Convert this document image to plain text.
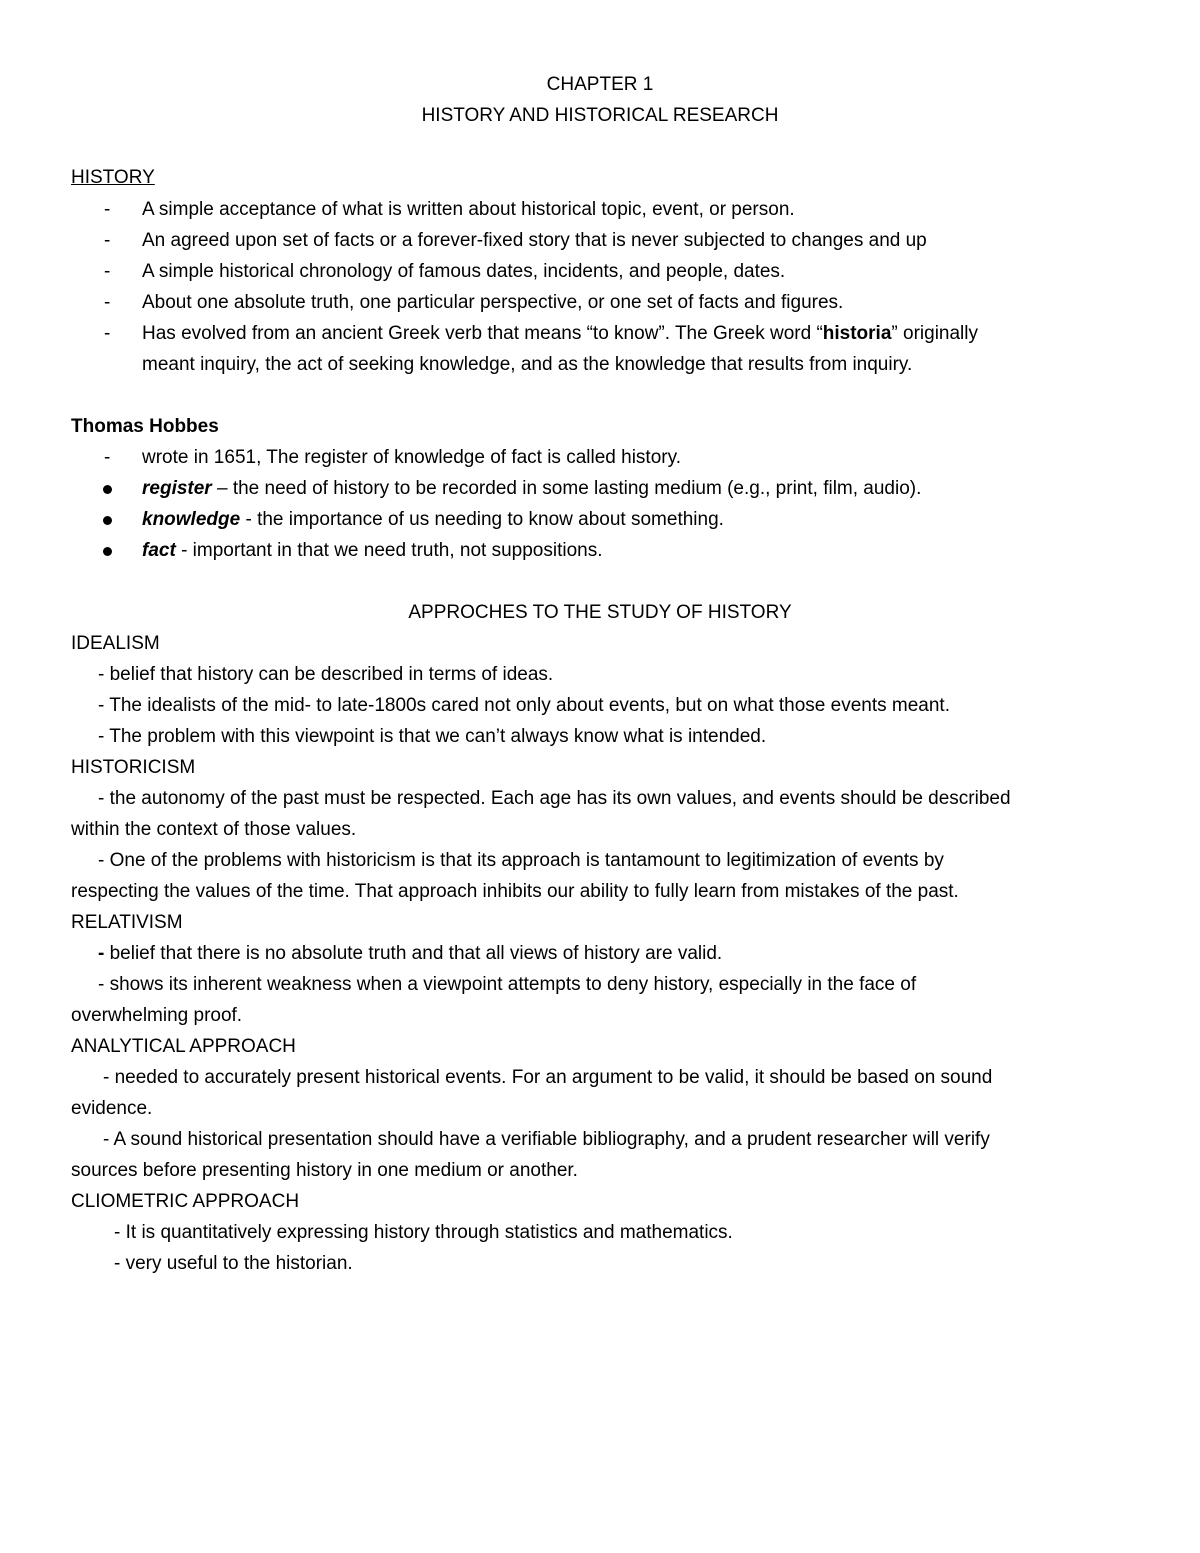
CHAPTER 1
HISTORY AND HISTORICAL RESEARCH
HISTORY
- A simple acceptance of what is written about historical topic, event, or person.
- An agreed upon set of facts or a forever-fixed story that is never subjected to changes and up
- A simple historical chronology of famous dates, incidents, and people, dates.
- About one absolute truth, one particular perspective, or one set of facts and figures.
- Has evolved from an ancient Greek verb that means “to know”. The Greek word “historia” originally
meant inquiry, the act of seeking knowledge, and as the knowledge that results from inquiry.
Thomas Hobbes
- wrote in 1651, The register of knowledge of fact is called history.
register – the need of history to be recorded in some lasting medium (e.g., print, film, audio).
knowledge - the importance of us needing to know about something.
fact - important in that we need truth, not suppositions.
APPROCHES TO THE STUDY OF HISTORY
IDEALISM
- belief that history can be described in terms of ideas.
- The idealists of the mid- to late-1800s cared not only about events, but on what those events meant.
- The problem with this viewpoint is that we can’t always know what is intended.
HISTORICISM
- the autonomy of the past must be respected. Each age has its own values, and events should be described
within the context of those values.
- One of the problems with historicism is that its approach is tantamount to legitimization of events by
respecting the values of the time. That approach inhibits our ability to fully learn from mistakes of the past.
RELATIVISM
- belief that there is no absolute truth and that all views of history are valid.
- shows its inherent weakness when a viewpoint attempts to deny history, especially in the face of
overwhelming proof.
ANALYTICAL APPROACH
- needed to accurately present historical events. For an argument to be valid, it should be based on sound
evidence.
- A sound historical presentation should have a verifiable bibliography, and a prudent researcher will verify
sources before presenting history in one medium or another.
CLIOMETRIC APPROACH
- It is quantitatively expressing history through statistics and mathematics.
- very useful to the historian.
